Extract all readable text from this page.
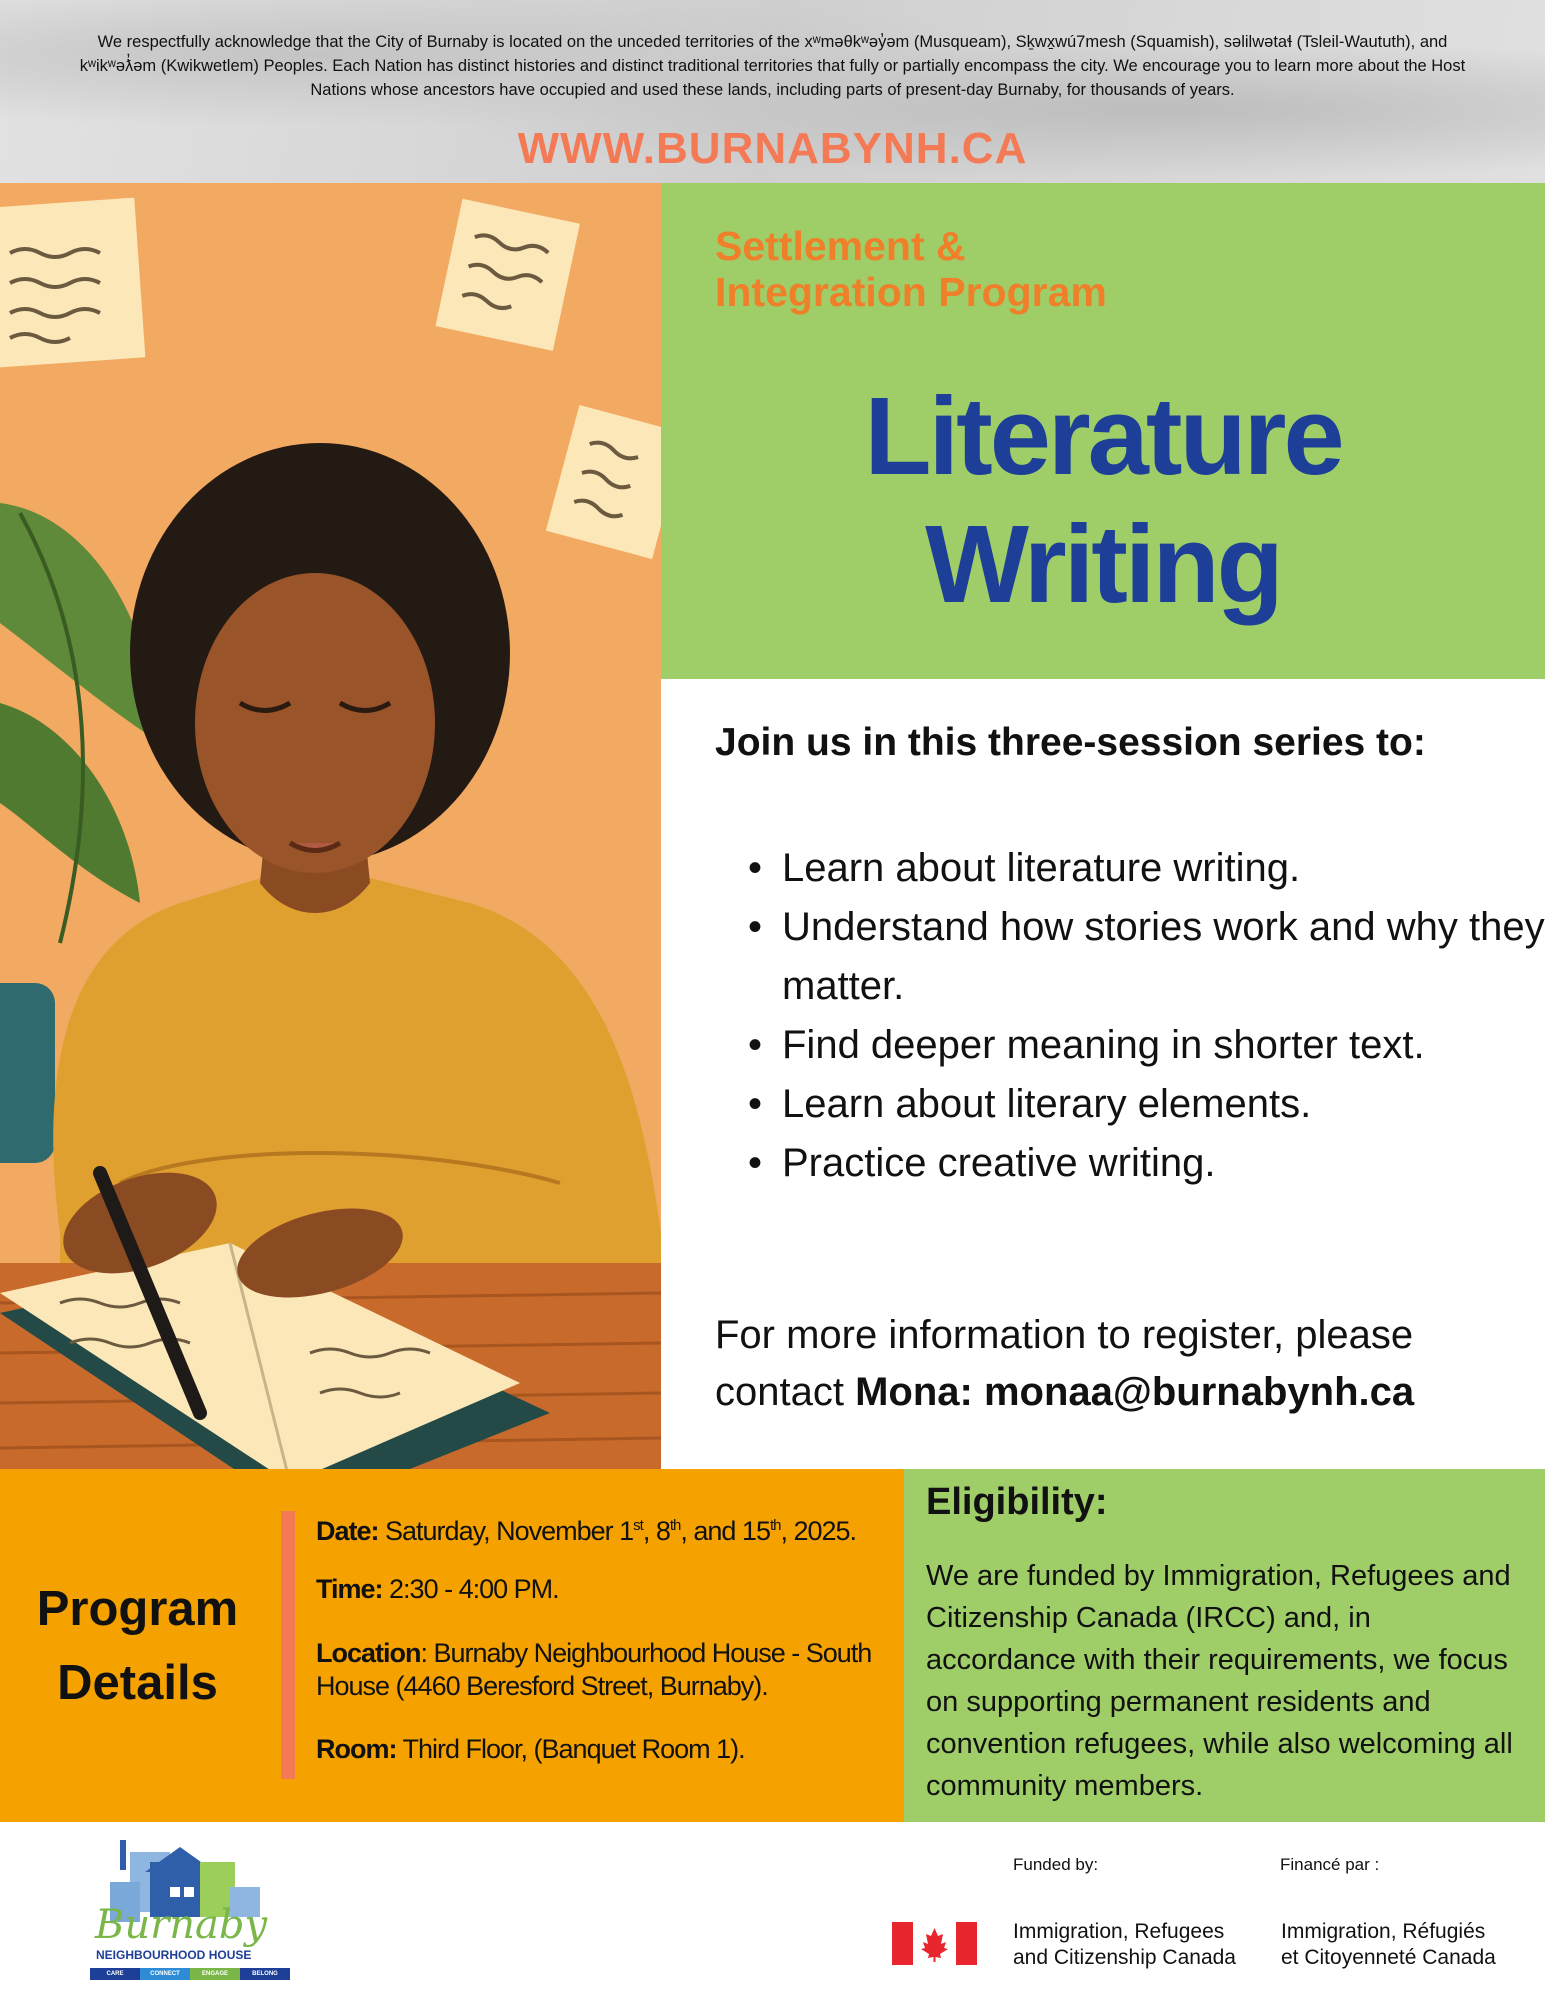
We respectfully acknowledge that the City of Burnaby is located on the unceded territories of the xʷməθkʷəy̓əm (Musqueam), Sḵwx̱wú7mesh (Squamish), səlilwətaɬ (Tsleil-Waututh), and kʷikʷəƛ̓əm (Kwikwetlem) Peoples. Each Nation has distinct histories and distinct traditional territories that fully or partially encompass the city. We encourage you to learn more about the Host Nations whose ancestors have occupied and used these lands, including parts of present-day Burnaby, for thousands of years.
WWW.BURNABYNH.CA
Settlement &
Integration Program
Literature
Writing
Join us in this three-session series to:
• Learn about literature writing.
• Understand how stories work and why they matter.
• Find deeper meaning in shorter text.
• Learn about literary elements.
• Practice creative writing.
For more information to register, please
contact Mona: monaa@burnabynh.ca
Program
Details
Date: Saturday, November 1st, 8th, and 15th, 2025.
Time: 2:30 - 4:00 PM.
Location: Burnaby Neighbourhood House - South House (4460 Beresford Street, Burnaby).
Room: Third Floor, (Banquet Room 1).
Eligibility:
We are funded by Immigration, Refugees and Citizenship Canada (IRCC) and, in accordance with their requirements, we focus on supporting permanent residents and convention refugees, while also welcoming all community members.
Burnaby
NEIGHBOURHOOD HOUSE
CARE	CONNECT	ENGAGE	BELONG
Funded by:	Financé par :
Immigration, Refugees
and Citizenship Canada
Immigration, Réfugiés
et Citoyenneté Canada
